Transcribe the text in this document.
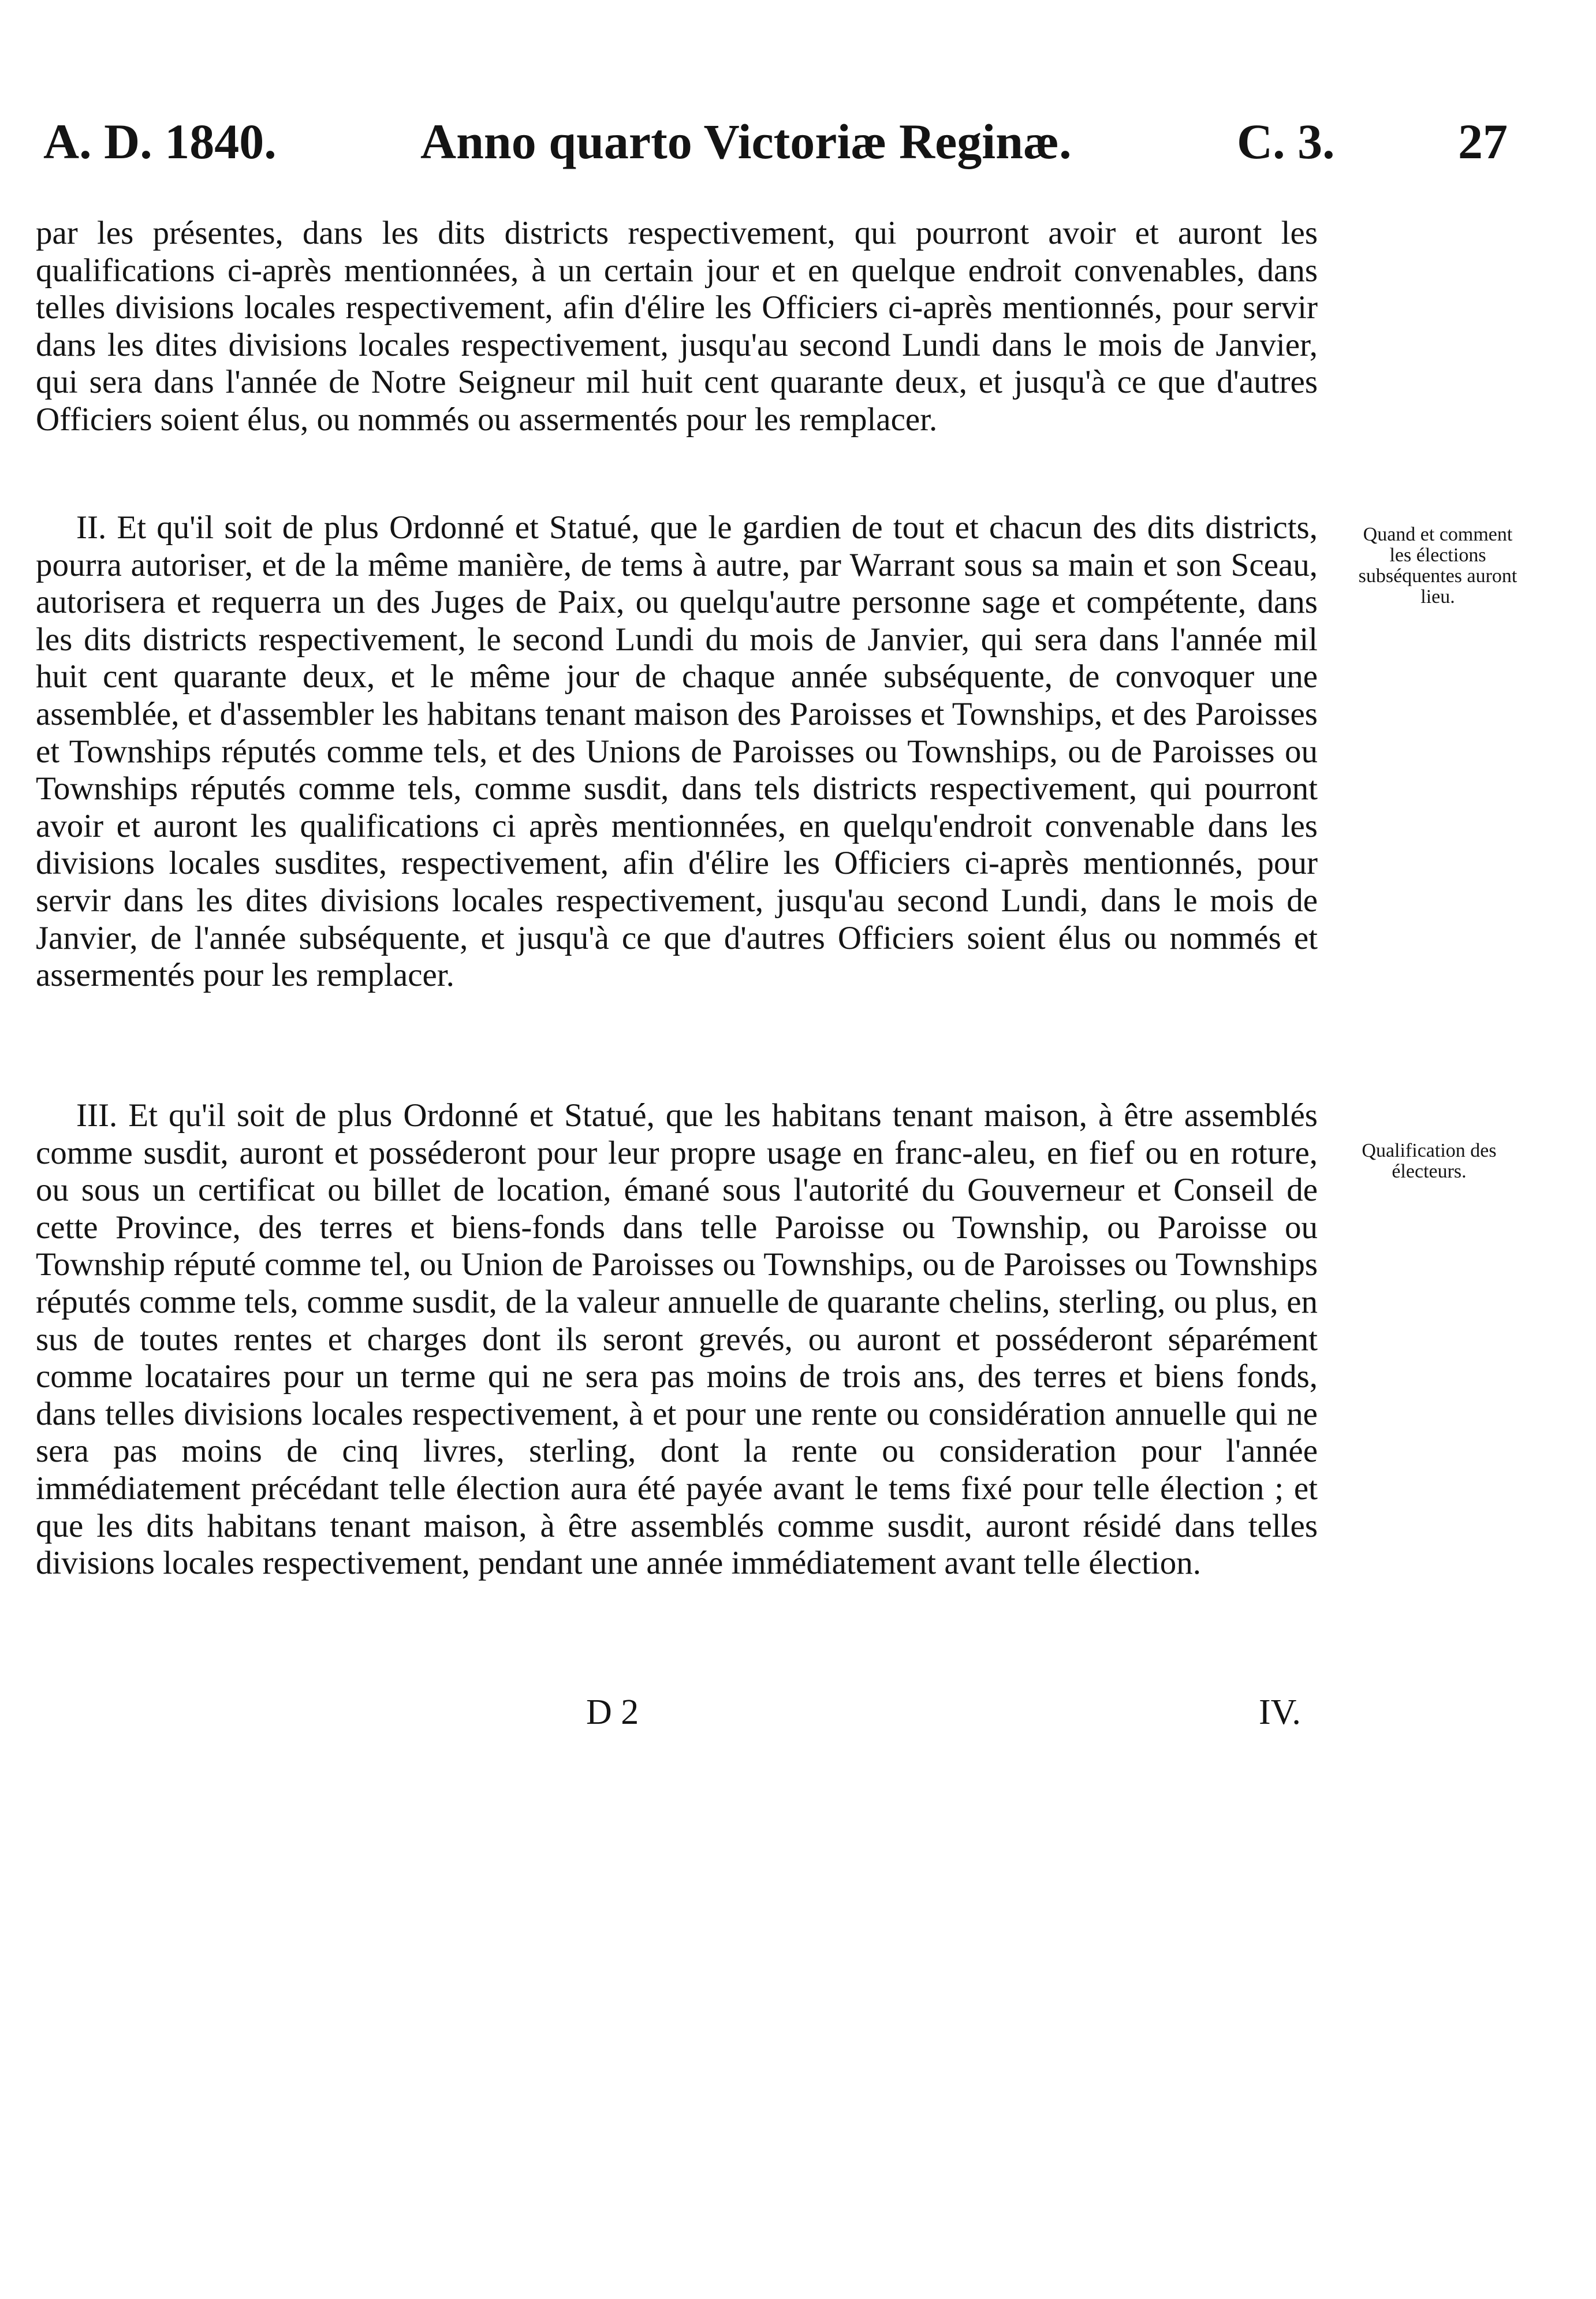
A. D. 1840.	Anno quarto Victoriæ Reginæ.	C. 3. 27

par les présentes, dans les dits districts respectivement, qui pourront avoir et auront les qualifications ci-après mentionnées, à un certain jour et en quelque endroit convenables, dans telles divisions locales respectivement, afin d'élire les Officiers ci-après mentionnés, pour servir dans les dites divisions locales respectivement, jusqu'au second Lundi dans le mois de Janvier, qui sera dans l'année de Notre Seigneur mil huit cent quarante deux, et jusqu'à ce que d'autres Officiers soient élus, ou nommés ou assermentés pour les remplacer.

II. Et qu'il soit de plus Ordonné et Statué, que le gardien de tout et chacun des dits districts, pourra autoriser, et de la même manière, de tems à autre, par Warrant sous sa main et son Sceau, autorisera et requerra un des Juges de Paix, ou quelqu'autre personne sage et compétente, dans les dits districts respectivement, le second Lundi du mois de Janvier, qui sera dans l'année mil huit cent quarante deux, et le même jour de chaque année subséquente, de convoquer une assemblée, et d'assembler les habitans tenant maison des Paroisses et Townships, et des Paroisses et Townships réputés comme tels, et des Unions de Paroisses ou Townships, ou de Paroisses ou Townships réputés comme tels, comme susdit, dans tels districts respectivement, qui pourront avoir et auront les qualifications ci après mentionnées, en quelqu'endroit convenable dans les divisions locales susdites, respectivement, afin d'élire les Officiers ci-après mentionnés, pour servir dans les dites divisions locales respectivement, jusqu'au second Lundi, dans le mois de Janvier, de l'année subséquente, et jusqu'à ce que d'autres Officiers soient élus ou nommés et assermentés pour les remplacer.

III. Et qu'il soit de plus Ordonné et Statué, que les habitans tenant maison, à être assemblés comme susdit, auront et posséderont pour leur propre usage en franc-aleu, en fief ou en roture, ou sous un certificat ou billet de location, émané sous l'autorité du Gouverneur et Conseil de cette Province, des terres et biens-fonds dans telle Paroisse ou Township, ou Paroisse ou Township réputé comme tel, ou Union de Paroisses ou Townships, ou de Paroisses ou Townships réputés comme tels, comme susdit, de la valeur annuelle de quarante chelins, sterling, ou plus, en sus de toutes rentes et charges dont ils seront grevés, ou auront et posséderont séparément comme locataires pour un terme qui ne sera pas moins de trois ans, des terres et biens fonds, dans telles divisions locales respectivement, à et pour une rente ou considération annuelle qui ne sera pas moins de cinq livres, sterling, dont la rente ou consideration pour l'année immédiatement précédant telle élection aura été payée avant le tems fixé pour telle élection ; et que les dits habitans tenant maison, à être assemblés comme susdit, auront résidé dans telles divisions locales respectivement, pendant une année immédiatement avant telle élection.

Quand et comment les élections subséquentes auront lieu.

Qualification des électeurs.

D 2	IV.
